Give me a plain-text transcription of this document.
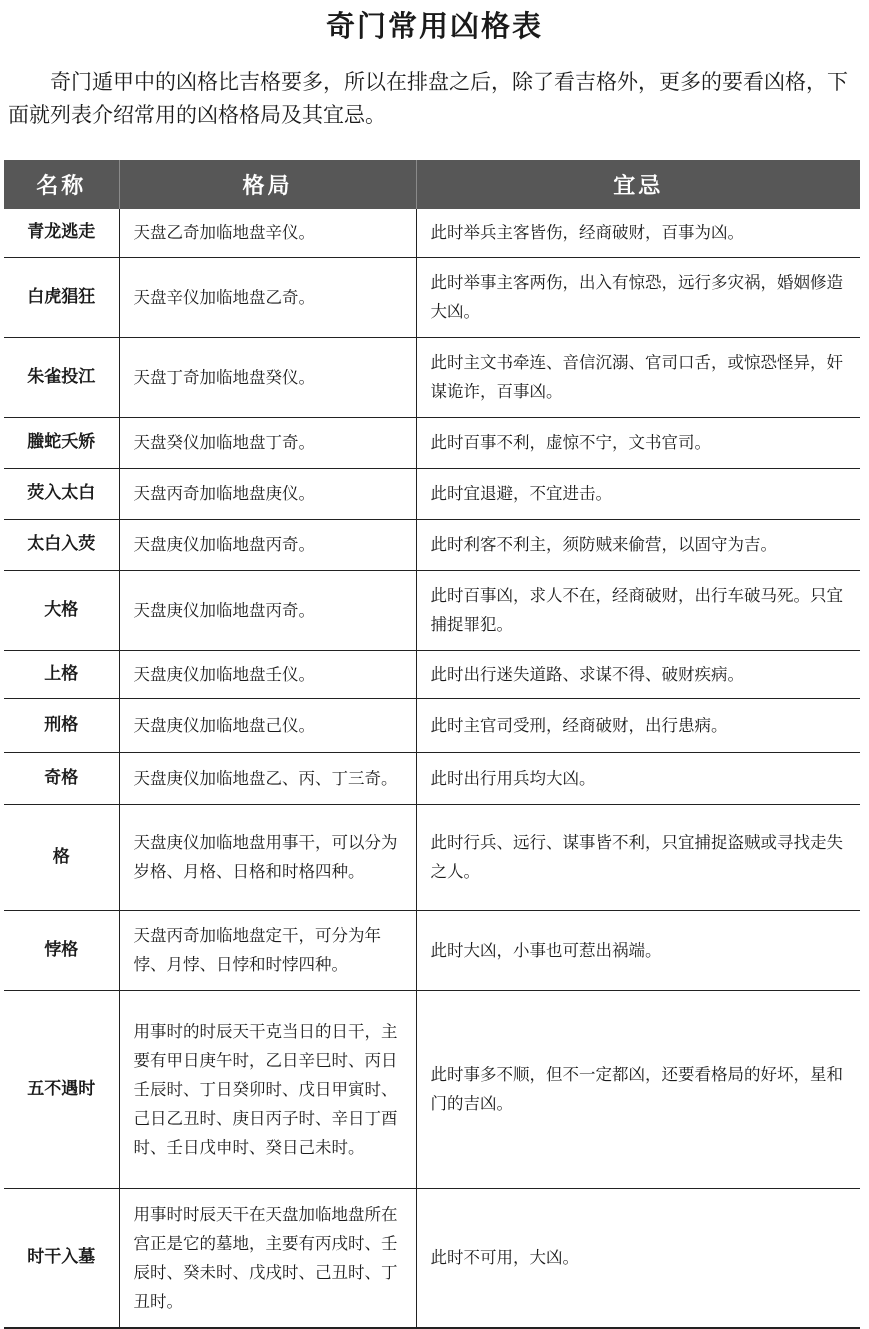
奇门常用凶格表
奇门遁甲中的凶格比吉格要多，所以在排盘之后，除了看吉格外，更多的要看凶格，下面就列表介绍常用的凶格格局及其宜忌。
名称	格局	宜忌
青龙逃走	天盘乙奇加临地盘辛仪。	此时举兵主客皆伤，经商破财，百事为凶。
白虎猖狂	天盘辛仪加临地盘乙奇。	此时举事主客两伤，出入有惊恐，远行多灾祸，婚姻修造大凶。
朱雀投江	天盘丁奇加临地盘癸仪。	此时主文书牵连、音信沉溺、官司口舌，或惊恐怪异，奸谋诡诈，百事凶。
螣蛇夭矫	天盘癸仪加临地盘丁奇。	此时百事不利，虚惊不宁，文书官司。
荧入太白	天盘丙奇加临地盘庚仪。	此时宜退避，不宜进击。
太白入荧	天盘庚仪加临地盘丙奇。	此时利客不利主，须防贼来偷营，以固守为吉。
大格	天盘庚仪加临地盘丙奇。	此时百事凶，求人不在，经商破财，出行车破马死。只宜捕捉罪犯。
上格	天盘庚仪加临地盘壬仪。	此时出行迷失道路、求谋不得、破财疾病。
刑格	天盘庚仪加临地盘己仪。	此时主官司受刑，经商破财，出行患病。
奇格	天盘庚仪加临地盘乙、丙、丁三奇。	此时出行用兵均大凶。
格	天盘庚仪加临地盘用事干，可以分为岁格、月格、日格和时格四种。	此时行兵、远行、谋事皆不利，只宜捕捉盗贼或寻找走失之人。
悖格	天盘丙奇加临地盘定干，可分为年悖、月悖、日悖和时悖四种。	此时大凶，小事也可惹出祸端。
五不遇时	用事时的时辰天干克当日的日干，主要有甲日庚午时，乙日辛巳时、丙日壬辰时、丁日癸卯时、戊日甲寅时、己日乙丑时、庚日丙子时、辛日丁酉时、壬日戊申时、癸日己未时。	此时事多不顺，但不一定都凶，还要看格局的好坏，星和门的吉凶。
时干入墓	用事时时辰天干在天盘加临地盘所在宫正是它的墓地，主要有丙戌时、壬辰时、癸未时、戊戌时、己丑时、丁丑时。	此时不可用，大凶。
